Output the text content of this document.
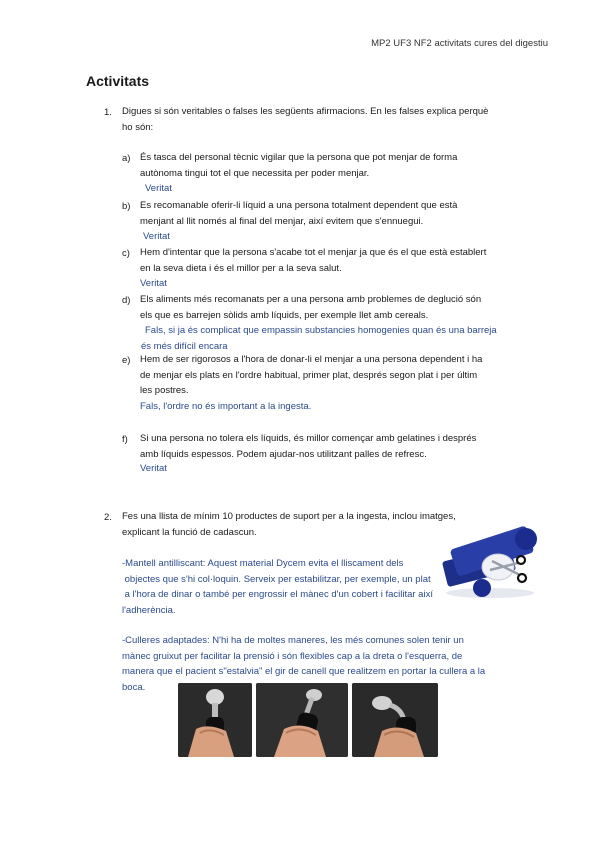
MP2 UF3 NF2 activitats cures del digestiu
Activitats
1. Digues si són veritables o falses les següents afirmacions. En les falses explica perquè
ho són:
a) És tasca del personal tècnic vigilar que la persona que pot menjar de forma
autònoma tingui tot el que necessita per poder menjar.
Veritat
b) Es recomanable oferir-li líquid a una persona totalment dependent que està
menjant al llit només al final del menjar, així evitem que s'ennuegui.
Veritat
c) Hem d'intentar que la persona s'acabe tot el menjar ja que és el que està establert
en la seva dieta i és el millor per a la seva salut.
Veritat
d) Els aliments més recomanats per a una persona amb problemes de deglució són
els que es barrejen sòlids amb líquids, per exemple llet amb cereals.
Fals, si ja és complicat que empassin substancies homogenies quan és una barreja
és més difícil encara
e) Hem de ser rigorosos a l'hora de donar-li el menjar a una persona dependent i ha
de menjar els plats en l'ordre habitual, primer plat, després segon plat i per últim
les postres.
Fals, l'ordre no és important a la ingesta.
f) Si una persona no tolera els líquids, és millor començar amb gelatines i després
amb líquids espessos. Podem ajudar-nos utilitzant palles de refresc.
Veritat
2. Fes una llista de mínim 10 productes de suport per a la ingesta, inclou imatges,
explicant la funció de cadascun.
-Mantell antilliscant: Aquest material Dycem evita el lliscament dels
objectes que s'hi col·loquin. Serveix per estabilitzar, per exemple, un plat
a l'hora de dinar o també per engrossir el mànec d'un cobert i facilitar així
l'adherència.
-Culleres adaptades: N'hi ha de moltes maneres, les més comunes solen tenir un
mànec gruixut per facilitar la prensió i són flexibles cap a la dreta o l'esquerra, de
manera que el pacient s"estalvia" el gir de canell que realitzem en portar la cullera a la
boca.
